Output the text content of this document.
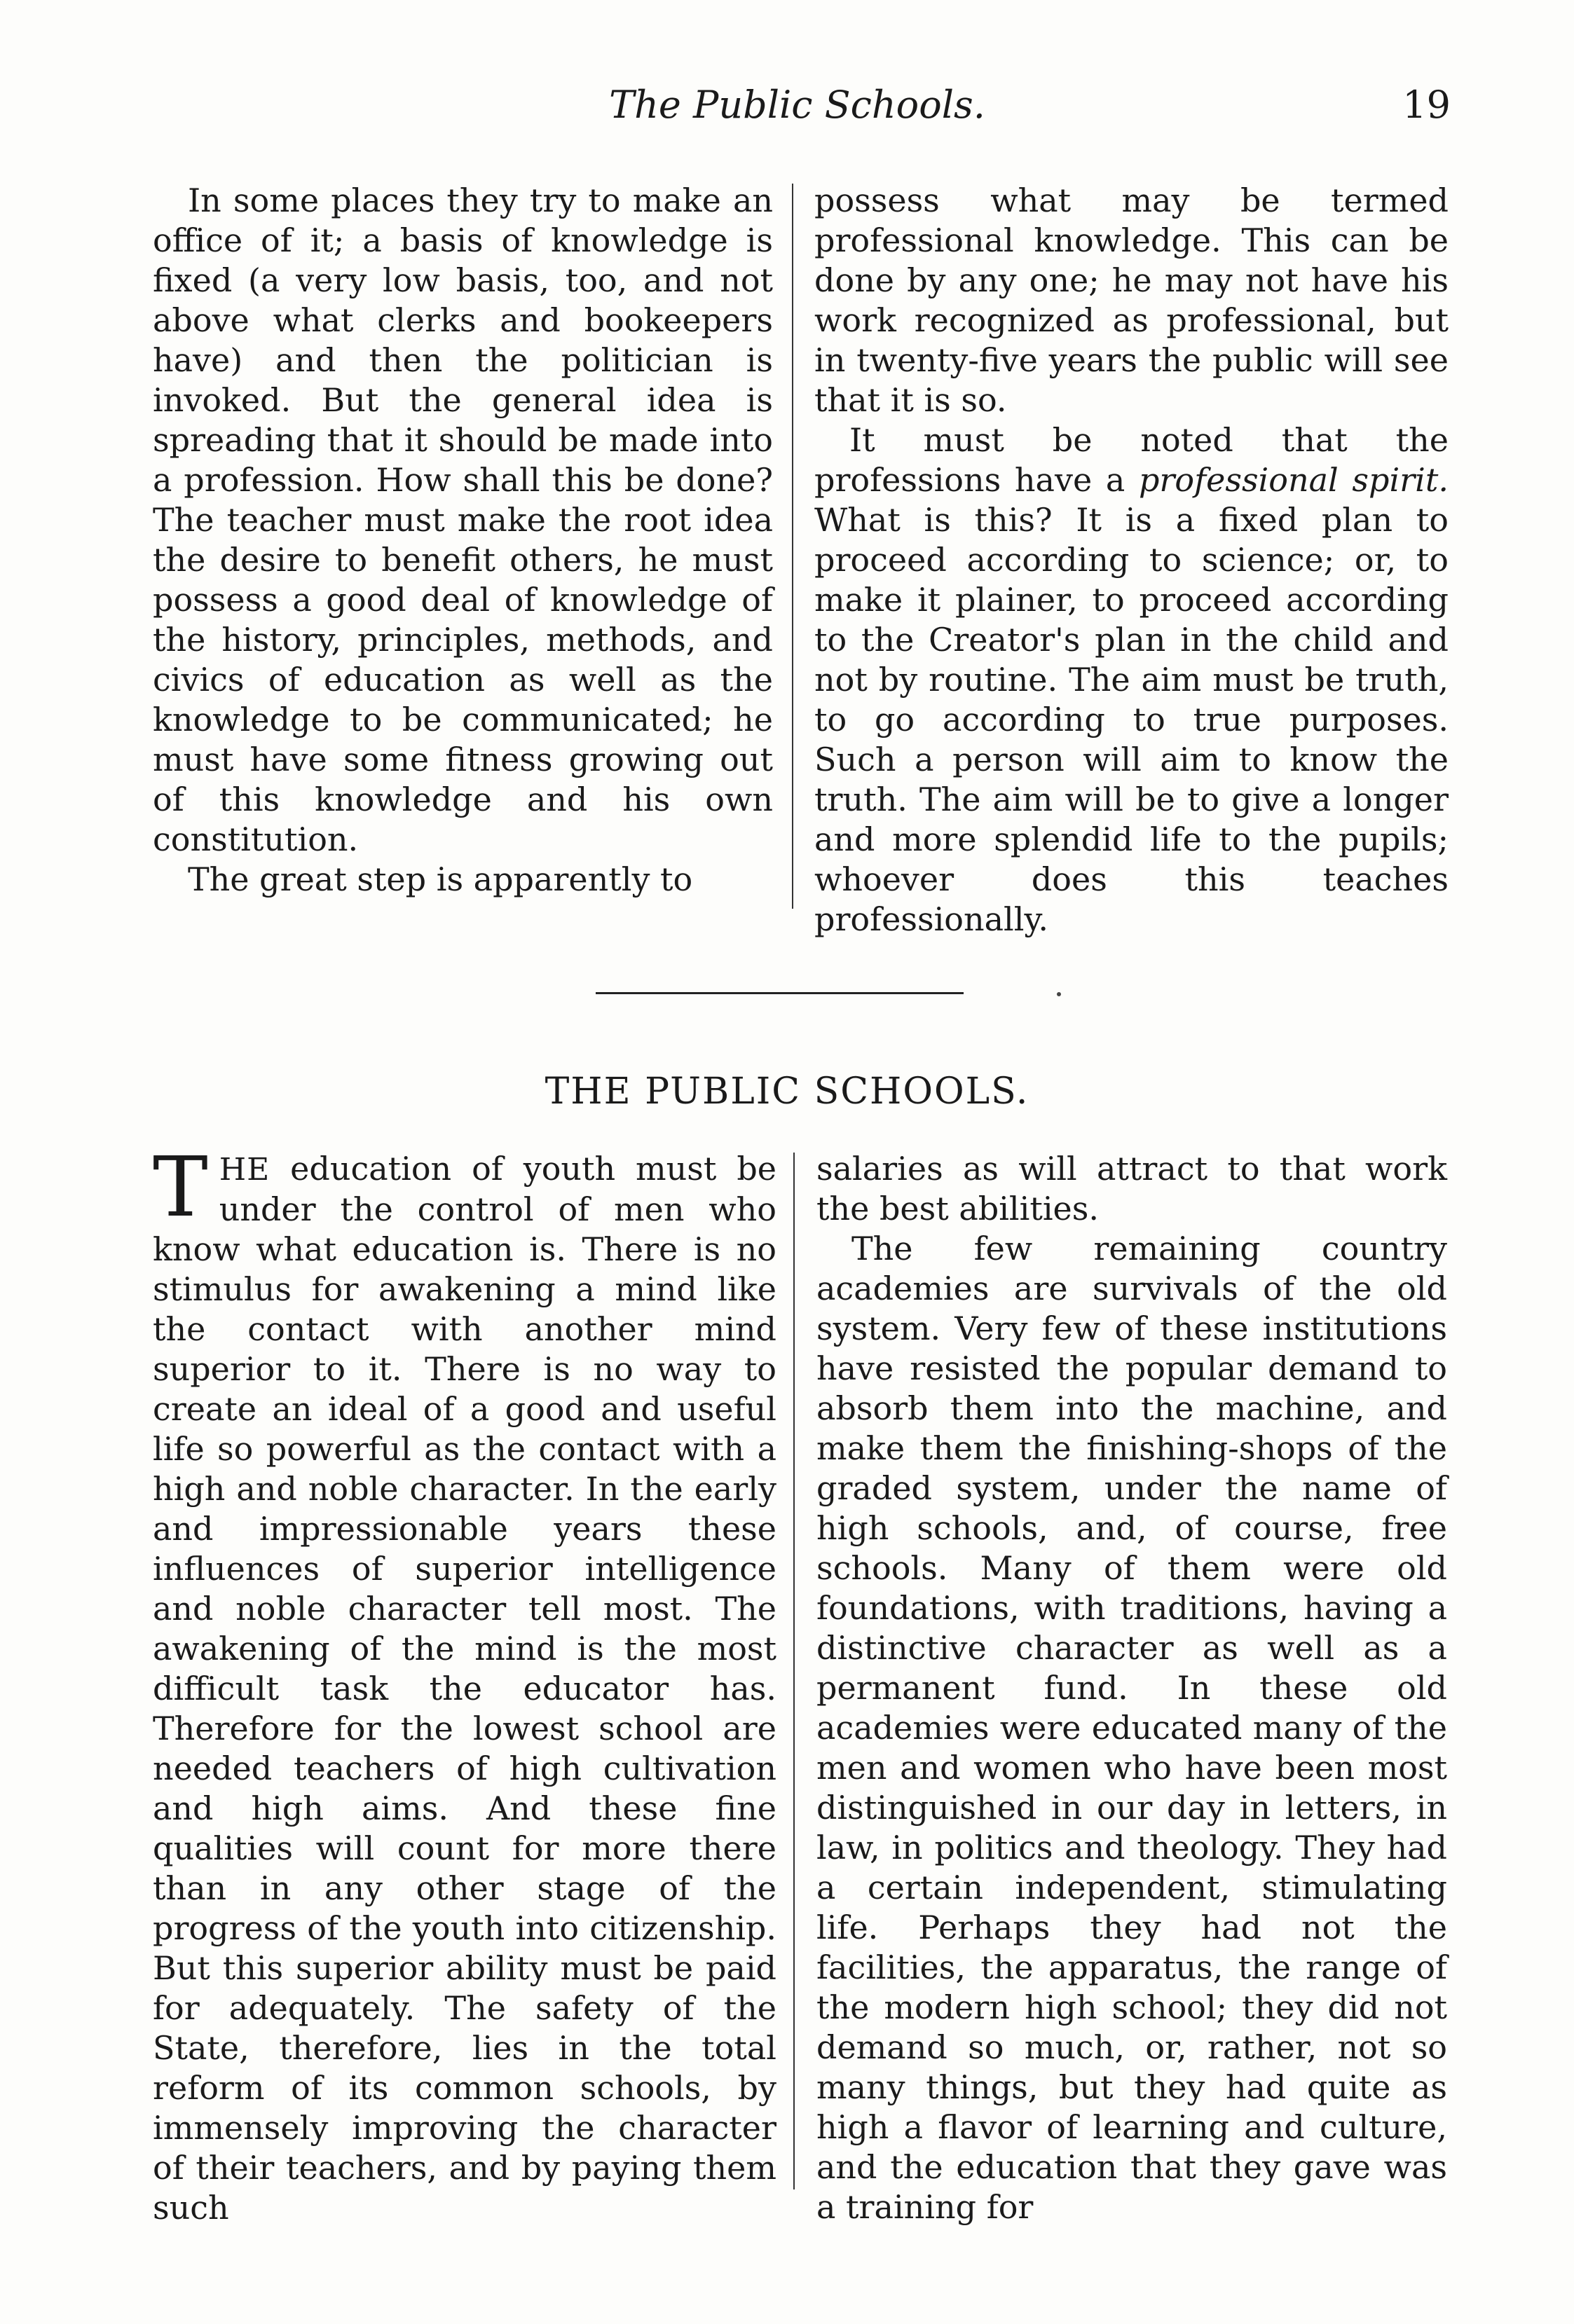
The Public Schools.	19

In some places they try to make an office of it; a basis of knowledge is fixed (a very low basis, too, and not above what clerks and bookeepers have) and then the politician is invoked. But the general idea is spreading that it should be made into a profession. How shall this be done? The teacher must make the root idea the desire to benefit others, he must possess a good deal of knowledge of the history, principles, methods, and civics of education as well as the knowledge to be communicated; he must have some fitness growing out of this knowledge and his own constitution.

The great step is apparently to

possess what may be termed professional knowledge. This can be done by any one; he may not have his work recognized as professional, but in twenty-five years the public will see that it is so.

It must be noted that the professions have a professional spirit. What is this? It is a fixed plan to proceed according to science; or, to make it plainer, to proceed according to the Creator's plan in the child and not by routine. The aim must be truth, to go according to true purposes. Such a person will aim to know the truth. The aim will be to give a longer and more splendid life to the pupils; whoever does this teaches professionally.

THE PUBLIC SCHOOLS.

THE education of youth must be under the control of men who know what education is. There is no stimulus for awakening a mind like the contact with another mind superior to it. There is no way to create an ideal of a good and useful life so powerful as the contact with a high and noble character. In the early and impressionable years these influences of superior intelligence and noble character tell most. The awakening of the mind is the most difficult task the educator has. Therefore for the lowest school are needed teachers of high cultivation and high aims. And these fine qualities will count for more there than in any other stage of the progress of the youth into citizenship. But this superior ability must be paid for adequately. The safety of the State, therefore, lies in the total reform of its common schools, by immensely improving the character of their teachers, and by paying them such

salaries as will attract to that work the best abilities.

The few remaining country academies are survivals of the old system. Very few of these institutions have resisted the popular demand to absorb them into the machine, and make them the finishing-shops of the graded system, under the name of high schools, and, of course, free schools. Many of them were old foundations, with traditions, having a distinctive character as well as a permanent fund. In these old academies were educated many of the men and women who have been most distinguished in our day in letters, in law, in politics and theology. They had a certain independent, stimulating life. Perhaps they had not the facilities, the apparatus, the range of the modern high school; they did not demand so much, or, rather, not so many things, but they had quite as high a flavor of learning and culture, and the education that they gave was a training for
